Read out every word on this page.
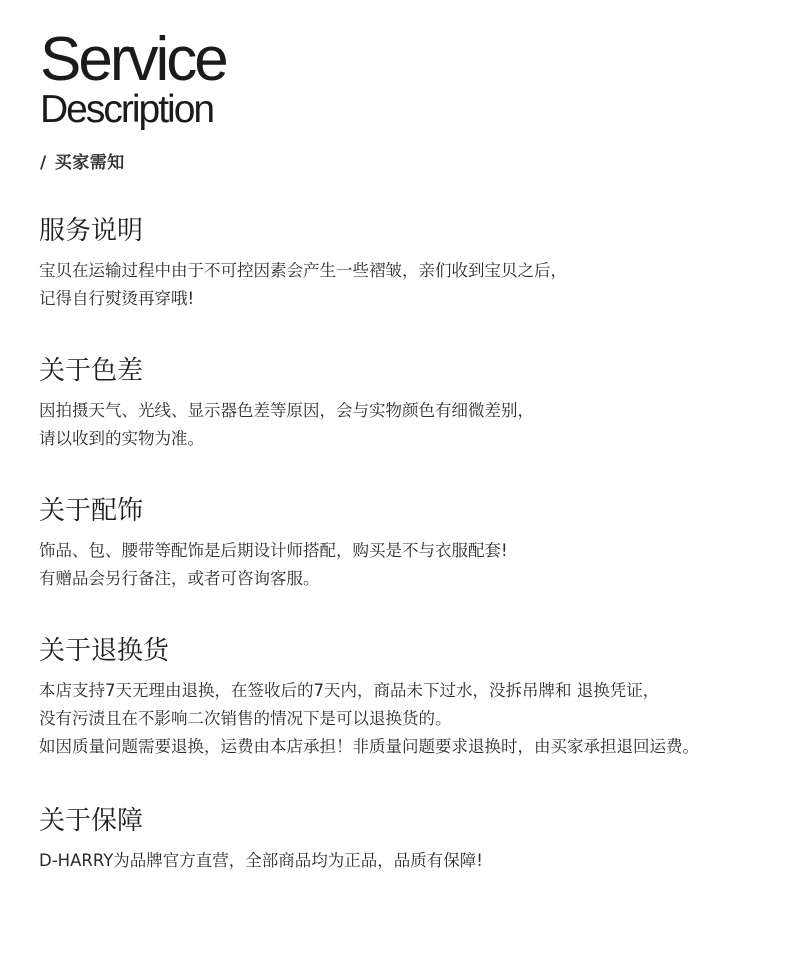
Service
Description
/ 买家需知
服务说明
宝贝在运输过程中由于不可控因素会产生一些褶皱，亲们收到宝贝之后，
记得自行熨烫再穿哦!
关于色差
因拍摄天气、光线、显示器色差等原因，会与实物颜色有细微差别，
请以收到的实物为准。
关于配饰
饰品、包、腰带等配饰是后期设计师搭配，购买是不与衣服配套!
有赠品会另行备注，或者可咨询客服。
关于退换货
本店支持7天无理由退换，在签收后的7天内，商品未下过水，没拆吊牌和 退换凭证，
没有污渍且在不影响二次销售的情况下是可以退换货的。
如因质量问题需要退换，运费由本店承担！非质量问题要求退换时，由买家承担退回运费。
关于保障
D-HARRY为品牌官方直营，全部商品均为正品，品质有保障!
